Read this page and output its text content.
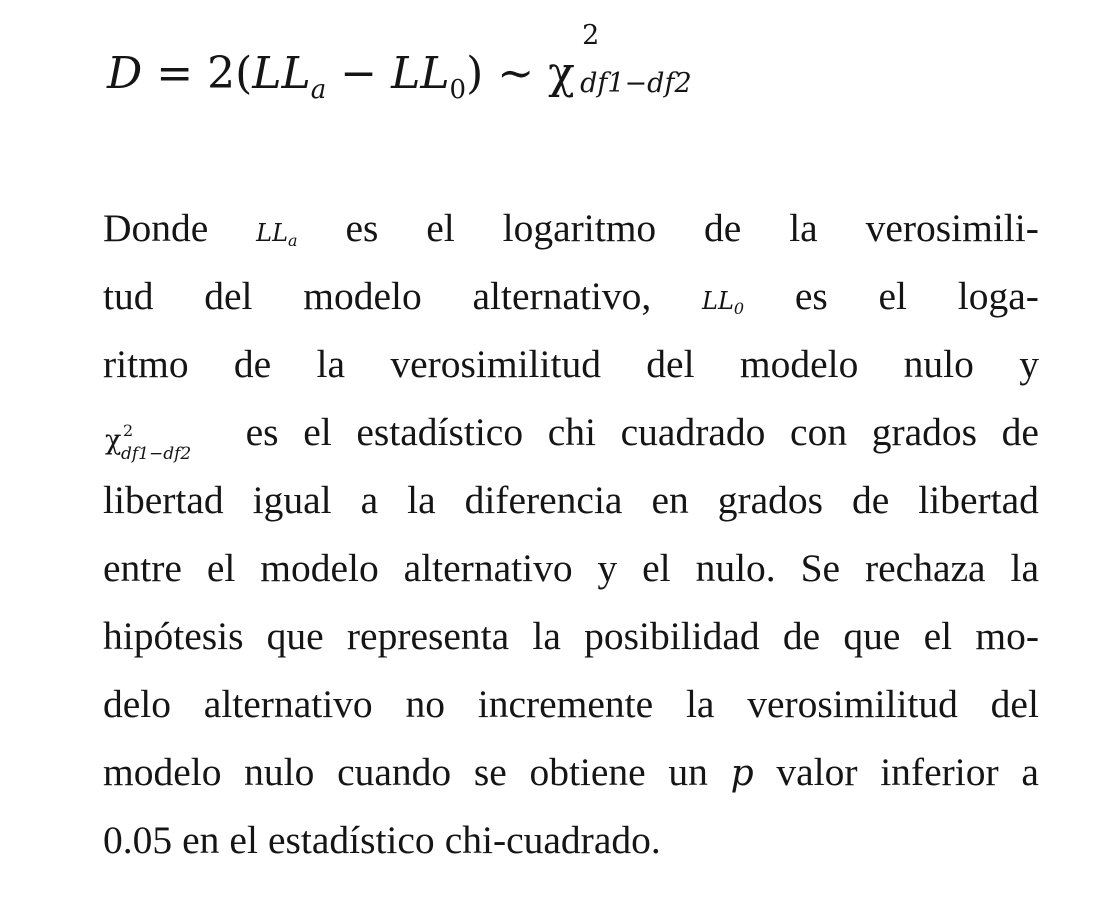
$D = 2(LL_a - LL_0)$ ~ χ
2
df1−df2
Donde $LL_a$ es el logaritmo de la verosimili-
tud del modelo alternativo, $LL_0$ es el loga-
ritmo de la verosimilitud del modelo nulo y
χ 2
df1−df2 es el estadístico chi cuadrado con grados de
libertad igual a la diferencia en grados de libertad
entre el modelo alternativo y el nulo. Se rechaza la
hipótesis que representa la posibilidad de que el mo-
delo alternativo no incremente la verosimilitud del
modelo nulo cuando se obtiene un p valor inferior a
0.05 en el estadístico chi-cuadrado.
